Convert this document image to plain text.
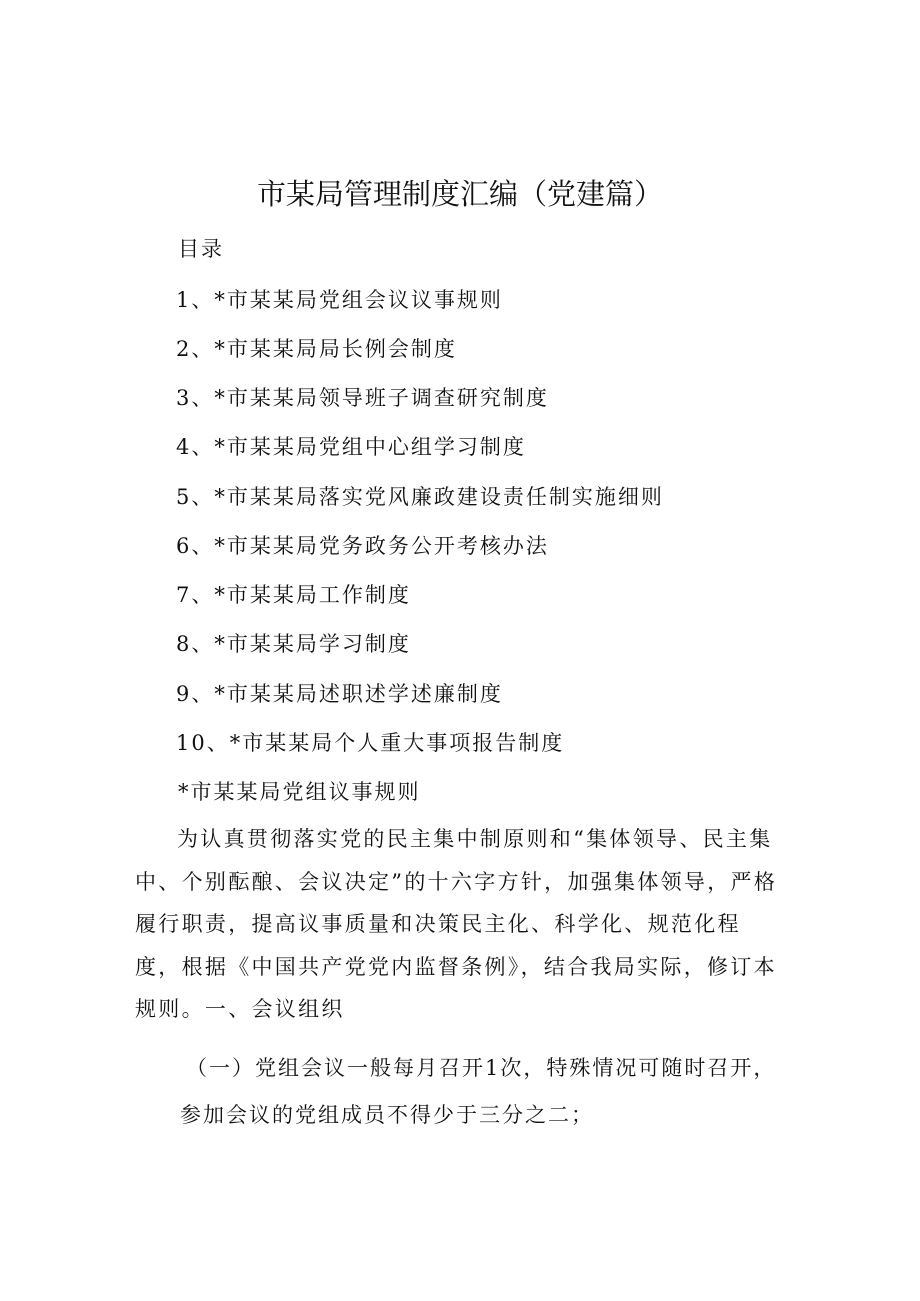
市某局管理制度汇编（党建篇）
目录
1、*市某某局党组会议议事规则
2、*市某某局局长例会制度
3、*市某某局领导班子调查研究制度
4、*市某某局党组中心组学习制度
5、*市某某局落实党风廉政建设责任制实施细则
6、*市某某局党务政务公开考核办法
7、*市某某局工作制度
8、*市某某局学习制度
9、*市某某局述职述学述廉制度
10、*市某某局个人重大事项报告制度
*市某某局党组议事规则

为认真贯彻落实党的民主集中制原则和“集体领导、民主集中、个别酝酿、会议决定”的十六字方针，加强集体领导，严格履行职责，提高议事质量和决策民主化、科学化、规范化程度，根据《中国共产党党内监督条例》，结合我局实际，修订本规则。一、会议组织

（一）党组会议一般每月召开1次，特殊情况可随时召开，
参加会议的党组成员不得少于三分之二；
